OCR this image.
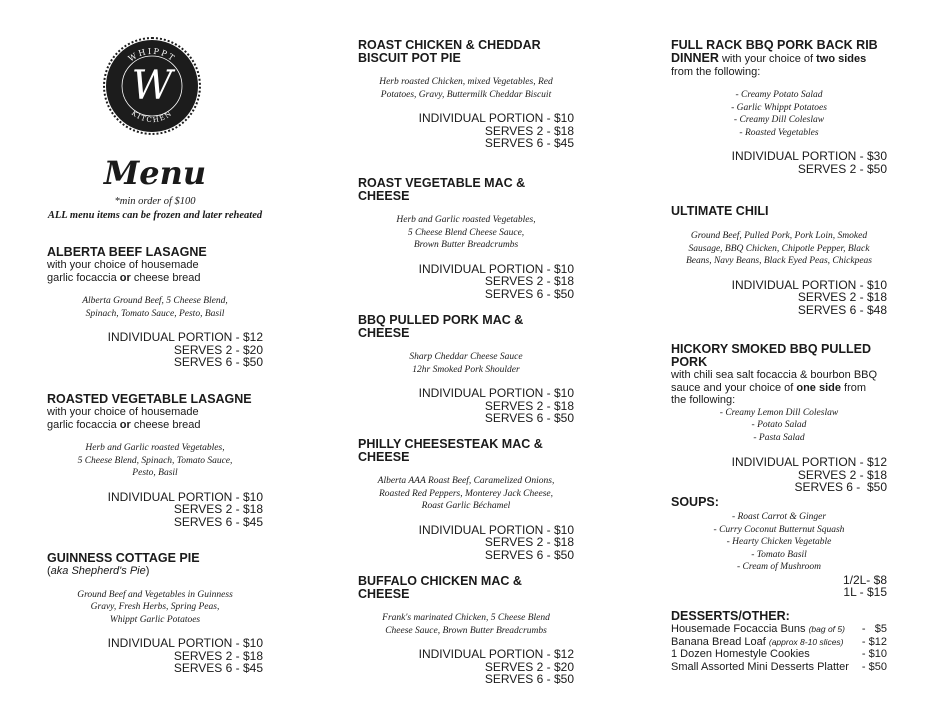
WHIPPT
KITCHEN
W
Menu
*min order of $100
ALL menu items can be frozen and later reheated
ALBERTA BEEF LASAGNE
with your choice of housemade
garlic focaccia or cheese bread
Alberta Ground Beef, 5 Cheese Blend,
Spinach, Tomato Sauce, Pesto, Basil
INDIVIDUAL PORTION - $12
SERVES 2 - $20
SERVES 6 - $50
ROASTED VEGETABLE LASAGNE
with your choice of housemade
garlic focaccia or cheese bread
Herb and Garlic roasted Vegetables,
5 Cheese Blend, Spinach, Tomato Sauce,
Pesto, Basil
INDIVIDUAL PORTION - $10
SERVES 2 - $18
SERVES 6 - $45
GUINNESS COTTAGE PIE
(aka Shepherd's Pie)
Ground Beef and Vegetables in Guinness
Gravy, Fresh Herbs, Spring Peas,
Whippt Garlic Potatoes
INDIVIDUAL PORTION - $10
SERVES 2 - $18
SERVES 6 - $45
ROAST CHICKEN & CHEDDAR
BISCUIT POT PIE
Herb roasted Chicken, mixed Vegetables, Red
Potatoes, Gravy, Buttermilk Cheddar Biscuit
INDIVIDUAL PORTION - $10
SERVES 2 - $18
SERVES 6 - $45
ROAST VEGETABLE MAC & CHEESE
Herb and Garlic roasted Vegetables,
5 Cheese Blend Cheese Sauce,
Brown Butter Breadcrumbs
INDIVIDUAL PORTION - $10
SERVES 2 - $18
SERVES 6 - $50
BBQ PULLED PORK MAC & CHEESE
Sharp Cheddar Cheese Sauce
12hr Smoked Pork Shoulder
INDIVIDUAL PORTION - $10
SERVES 2 - $18
SERVES 6 - $50
PHILLY CHEESESTEAK MAC & CHEESE
Alberta AAA Roast Beef, Caramelized Onions,
Roasted Red Peppers, Monterey Jack Cheese,
Roast Garlic Béchamel
INDIVIDUAL PORTION - $10
SERVES 2 - $18
SERVES 6 - $50
BUFFALO CHICKEN MAC & CHEESE
Frank's marinated Chicken, 5 Cheese Blend
Cheese Sauce, Brown Butter Breadcrumbs
INDIVIDUAL PORTION - $12
SERVES 2 - $20
SERVES 6 - $50
FULL RACK BBQ PORK BACK RIB
DINNER with your choice of two sides
from the following:
- Creamy Potato Salad
- Garlic Whippt Potatoes
- Creamy Dill Coleslaw
- Roasted Vegetables
INDIVIDUAL PORTION - $30
SERVES 2 - $50
ULTIMATE CHILI
Ground Beef, Pulled Pork, Pork Loin, Smoked
Sausage, BBQ Chicken, Chipotle Pepper, Black
Beans, Navy Beans, Black Eyed Peas, Chickpeas
INDIVIDUAL PORTION - $10
SERVES 2 - $18
SERVES 6 - $48
HICKORY SMOKED BBQ PULLED PORK
with chili sea salt focaccia & bourbon BBQ
sauce and your choice of one side from
the following:
- Creamy Lemon Dill Coleslaw
- Potato Salad
- Pasta Salad
INDIVIDUAL PORTION - $12
SERVES 2 - $18
SERVES 6 -  $50
SOUPS:
- Roast Carrot & Ginger
- Curry Coconut Butternut Squash
- Hearty Chicken Vegetable
- Tomato Basil
- Cream of Mushroom
1/2L- $8
1L - $15
DESSERTS/OTHER:
Housemade Focaccia Buns (bag of 5) -   $5
Banana Bread Loaf (approx 8-10 slices) - $12
1 Dozen Homestyle Cookies	- $10
Small Assorted Mini Desserts Platter - $50
